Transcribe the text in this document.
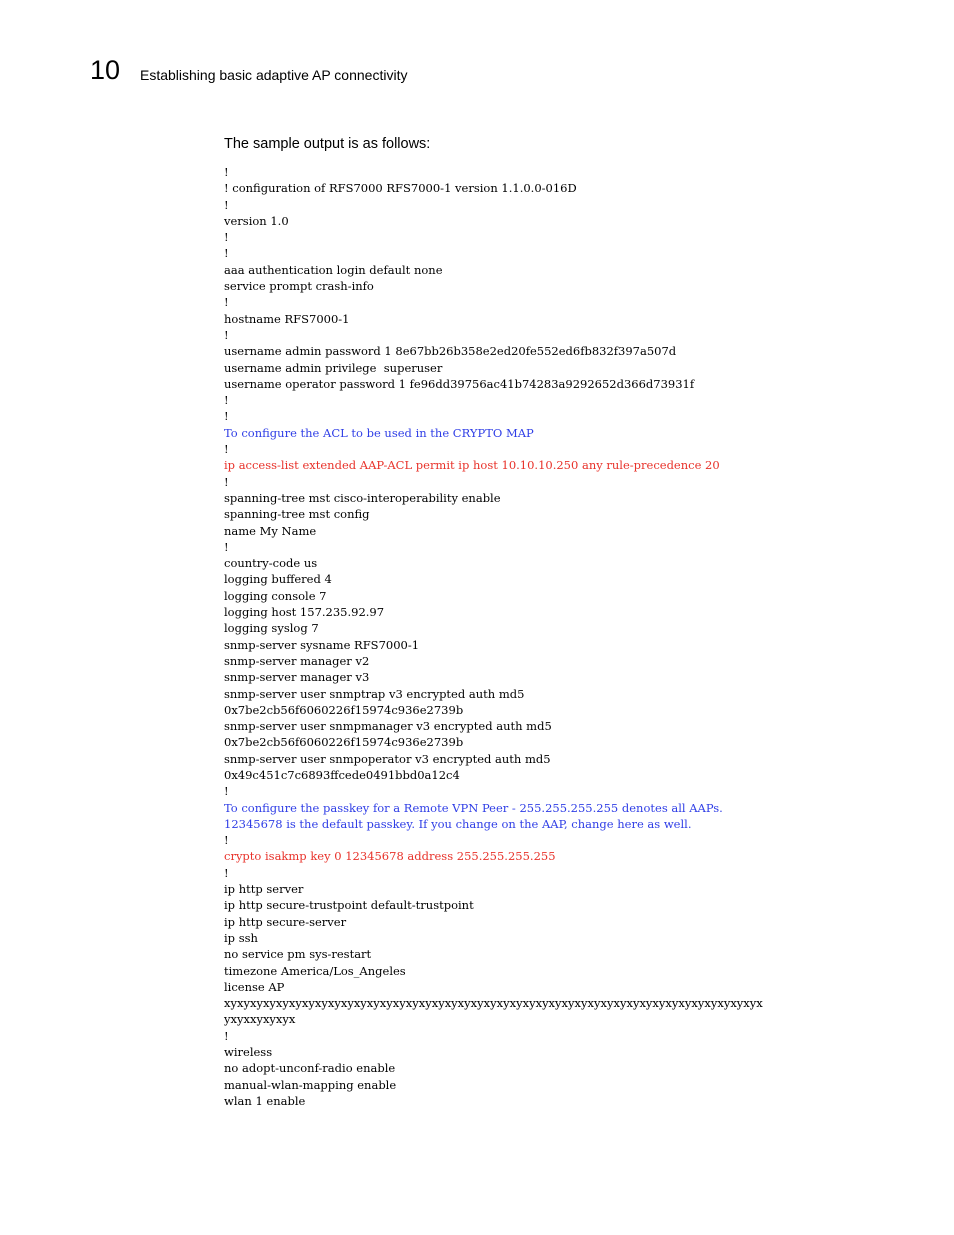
10 Establishing basic adaptive AP connectivity
The sample output is as follows:
!
! configuration of RFS7000 RFS7000-1 version 1.1.0.0-016D
!
version 1.0
!
!
aaa authentication login default none
service prompt crash-info
!
hostname RFS7000-1
!
username admin password 1 8e67bb26b358e2ed20fe552ed6fb832f397a507d
username admin privilege  superuser
username operator password 1 fe96dd39756ac41b74283a9292652d366d73931f
!
!
To configure the ACL to be used in the CRYPTO MAP
!
ip access-list extended AAP-ACL permit ip host 10.10.10.250 any rule-precedence 20
!
spanning-tree mst cisco-interoperability enable
spanning-tree mst config
name My Name
!
country-code us
logging buffered 4
logging console 7
logging host 157.235.92.97
logging syslog 7
snmp-server sysname RFS7000-1
snmp-server manager v2
snmp-server manager v3
snmp-server user snmptrap v3 encrypted auth md5
0x7be2cb56f6060226f15974c936e2739b
snmp-server user snmpmanager v3 encrypted auth md5
0x7be2cb56f6060226f15974c936e2739b
snmp-server user snmpoperator v3 encrypted auth md5
0x49c451c7c6893ffcede0491bbd0a12c4
!
To configure the passkey for a Remote VPN Peer - 255.255.255.255 denotes all AAPs.
12345678 is the default passkey. If you change on the AAP, change here as well.
!
crypto isakmp key 0 12345678 address 255.255.255.255
!
ip http server
ip http secure-trustpoint default-trustpoint
ip http secure-server
ip ssh
no service pm sys-restart
timezone America/Los_Angeles
license AP
xyxyxyxyxyxyxyxyxyxyxyxyxyxyxyxyxyxyxyxyxyxyxyxyxyxyxyxyxyxyxyxyxyxyxyxyxyxyxyxyxyx
yxyxxyxyxyx
!
wireless
no adopt-unconf-radio enable
manual-wlan-mapping enable
wlan 1 enable
